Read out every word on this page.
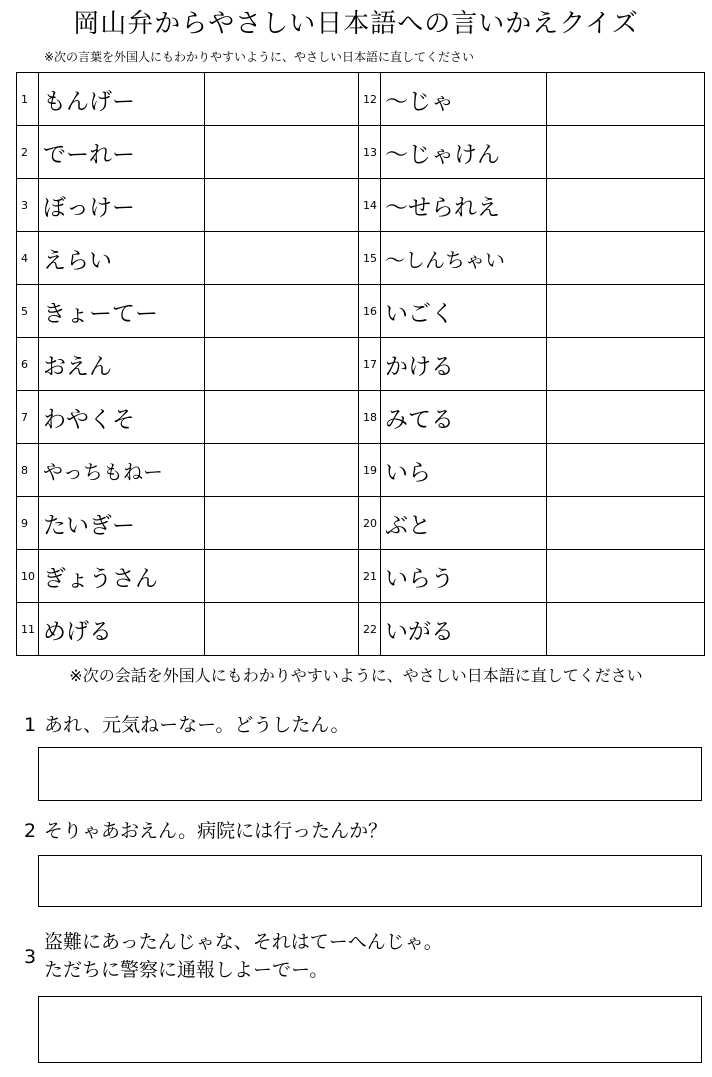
岡山弁からやさしい日本語への言いかえクイズ
※次の言葉を外国人にもわかりやすいように、やさしい日本語に直してください
1	もんげー		12	～じゃ	
2	でーれー		13	～じゃけん	
3	ぼっけー		14	～せられえ	
4	えらい		15	～しんちゃい	
5	きょーてー		16	いごく	
6	おえん		17	かける	
7	わやくそ		18	みてる	
8	やっちもねー		19	いら	
9	たいぎー		20	ぶと	
10	ぎょうさん		21	いらう	
11	めげる		22	いがる	
※次の会話を外国人にもわかりやすいように、やさしい日本語に直してください
1 あれ、元気ねーなー。どうしたん。
2 そりゃあおえん。病院には行ったんか？
3
盗難にあったんじゃな、それはてーへんじゃ。
ただちに警察に通報しよーでー。
